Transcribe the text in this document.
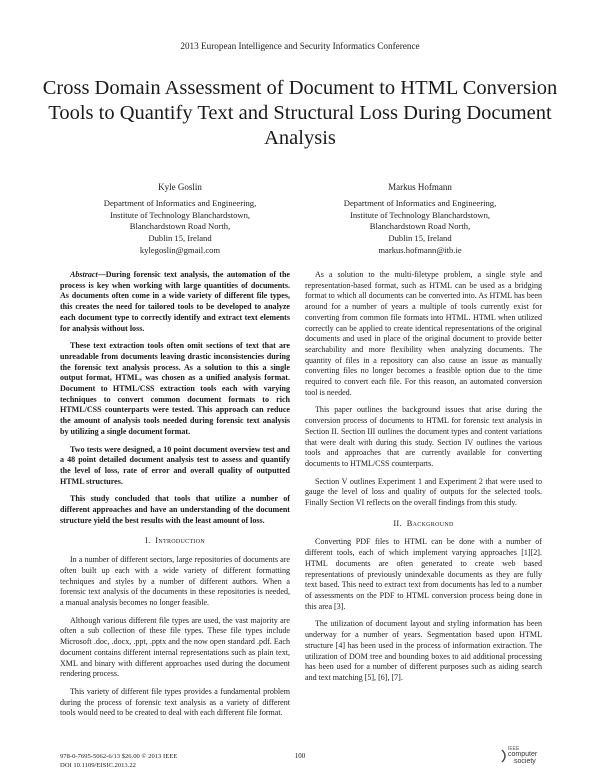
2013 European Intelligence and Security Informatics Conference
Cross Domain Assessment of Document to HTML Conversion Tools to Quantify Text and Structural Loss During Document Analysis
Kyle Goslin
Department of Informatics and Engineering,
Institute of Technology Blanchardstown,
Blanchardstown Road North,
Dublin 15, Ireland
kylegoslin@gmail.com
Markus Hofmann
Department of Informatics and Engineering,
Institute of Technology Blanchardstown,
Blanchardstown Road North,
Dublin 15, Ireland
markus.hofmann@itb.ie

Abstract—During forensic text analysis, the automation of the process is key when working with large quantities of documents. As documents often come in a wide variety of different file types, this creates the need for tailored tools to be developed to analyze each document type to correctly identify and extract text elements for analysis without loss.

These text extraction tools often omit sections of text that are unreadable from documents leaving drastic inconsistencies during the forensic text analysis process. As a solution to this a single output format, HTML, was chosen as a unified analysis format. Document to HTML/CSS extraction tools each with varying techniques to convert common document formats to rich HTML/CSS counterparts were tested. This approach can reduce the amount of analysis tools needed during forensic text analysis by utilizing a single document format.

Two tests were designed, a 10 point document overview test and a 48 point detailed document analysis test to assess and quantify the level of loss, rate of error and overall quality of outputted HTML structures.

This study concluded that tools that utilize a number of different approaches and have an understanding of the document structure yield the best results with the least amount of loss.

I. Introduction

In a number of different sectors, large repositories of documents are often built up each with a wide variety of different formatting techniques and styles by a number of different authors. When a forensic text analysis of the documents in these repositories is needed, a manual analysis becomes no longer feasible.

Although various different file types are used, the vast majority are often a sub collection of these file types. These file types include Microsoft .doc, .docx, .ppt, .pptx and the now open standard .pdf. Each document contains different internal representations such as plain text, XML and binary with different approaches used during the document rendering process.

This variety of different file types provides a fundamental problem during the process of forensic text analysis as a variety of different tools would need to be created to deal with each different file format.

As a solution to the multi-filetype problem, a single style and representation-based format, such as HTML can be used as a bridging format to which all documents can be converted into. As HTML has been around for a number of years a multiple of tools currently exist for converting from common file formats into HTML. HTML when utilized correctly can be applied to create identical representations of the original documents and used in place of the original document to provide better searchability and more flexibility when analyzing documents. The quantity of files in a repository can also cause an issue as manually converting files no longer becomes a feasible option due to the time required to convert each file. For this reason, an automated conversion tool is needed.

This paper outlines the background issues that arise during the conversion process of documents to HTML for forensic text analysis in Section II. Section III outlines the document types and content variations that were dealt with during this study. Section IV outlines the various tools and approaches that are currently available for converting documents to HTML/CSS counterparts.

Section V outlines Experiment 1 and Experiment 2 that were used to gauge the level of loss and quality of outputs for the selected tools. Finally Section VI reflects on the overall findings from this study.

II. Background

Converting PDF files to HTML can be done with a number of different tools, each of which implement varying approaches [1][2]. HTML documents are often generated to create web based representations of previously unindexable documents as they are fully text based. This need to extract text from documents has led to a number of assessments on the PDF to HTML conversion process being done in this area [3].

The utilization of document layout and styling information has been underway for a number of years. Segmentation based upon HTML structure [4] has been used in the process of information extraction. The utilization of DOM tree and bounding boxes to aid additional processing has been used for a number of different purposes such as aiding search and text matching [5], [6], [7].

978-0-7695-5062-6/13 $26.00 © 2013 IEEE
DOI 10.1109/EISIC.2013.22
100
IEEE
computer
society
